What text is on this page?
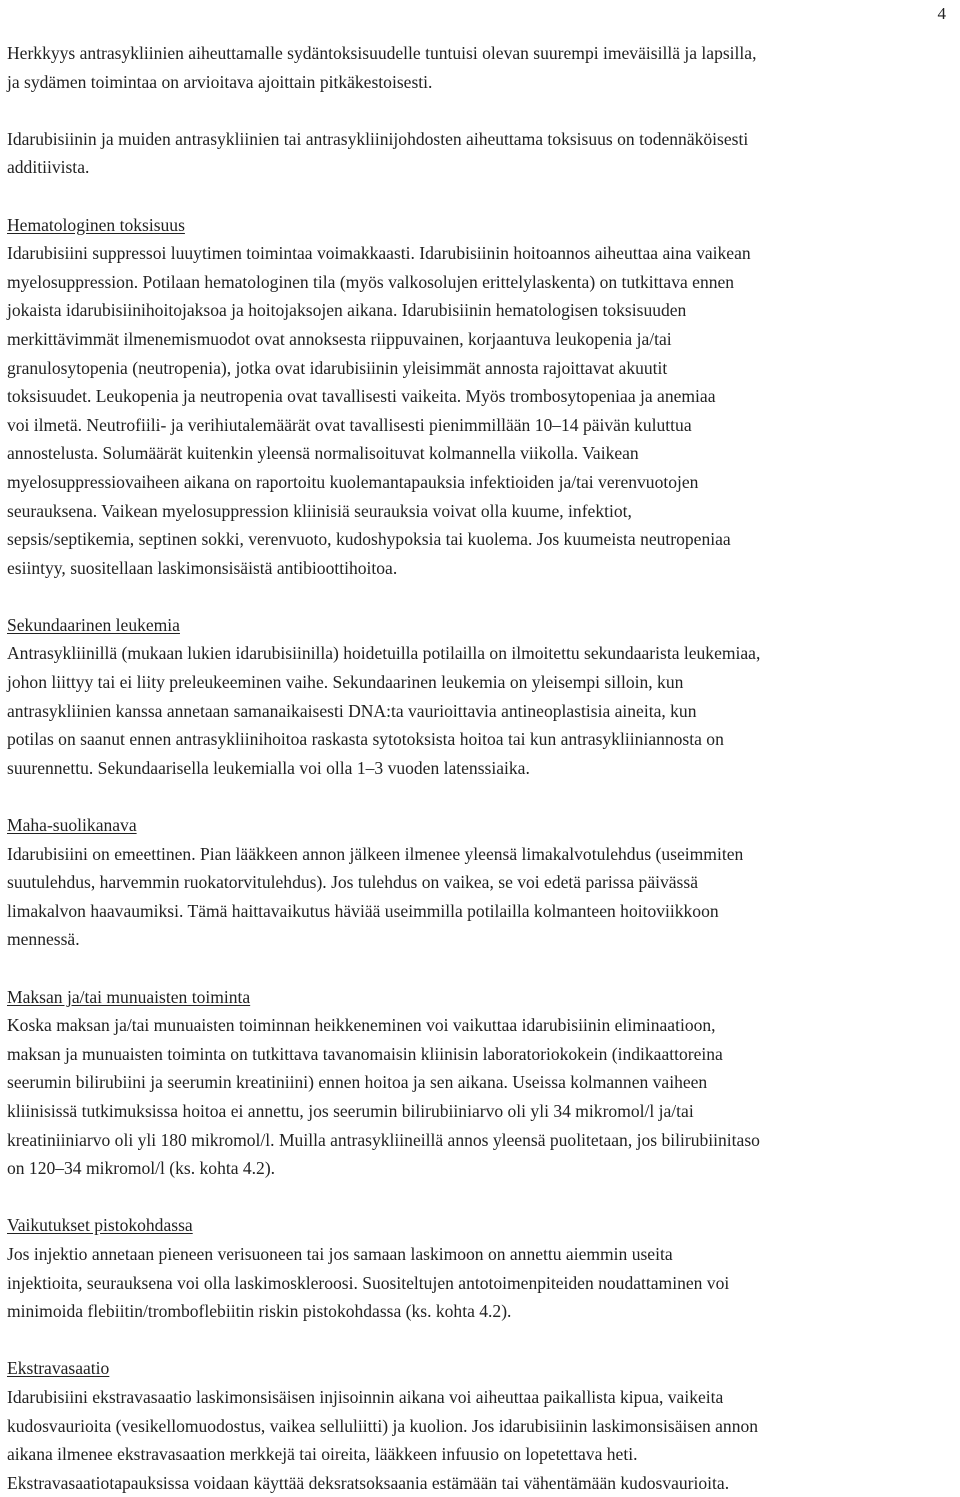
4

Herkkyys antrasykliinien aiheuttamalle sydäntoksisuudelle tuntuisi olevan suurempi imeväisillä ja lapsilla,

ja sydämen toimintaa on arvioitava ajoittain pitkäkestoisesti.

Idarubisiinin ja muiden antrasykliinien tai antrasykliinijohdosten aiheuttama toksisuus on todennäköisesti

additiivista.

Hematologinen toksisuus

Idarubisiini suppressoi luuytimen toimintaa voimakkaasti. Idarubisiinin hoitoannos aiheuttaa aina vaikean

myelosuppression. Potilaan hematologinen tila (myös valkosolujen erittelylaskenta) on tutkittava ennen

jokaista idarubisiinihoitojaksoa ja hoitojaksojen aikana. Idarubisiinin hematologisen toksisuuden

merkittävimmät ilmenemismuodot ovat annoksesta riippuvainen, korjaantuva leukopenia ja/tai

granulosytopenia (neutropenia), jotka ovat idarubisiinin yleisimmät annosta rajoittavat akuutit

toksisuudet. Leukopenia ja neutropenia ovat tavallisesti vaikeita. Myös trombosytopeniaa ja anemiaa

voi ilmetä. Neutrofiili- ja verihiutalemäärät ovat tavallisesti pienimmillään 10–14 päivän kuluttua

annostelusta. Solumäärät kuitenkin yleensä normalisoituvat kolmannella viikolla. Vaikean

myelosuppressiovaiheen aikana on raportoitu kuolemantapauksia infektioiden ja/tai verenvuotojen

seurauksena. Vaikean myelosuppression kliinisiä seurauksia voivat olla kuume, infektiot,

sepsis/septikemia, septinen sokki, verenvuoto, kudoshypoksia tai kuolema. Jos kuumeista neutropeniaa

esiintyy, suositellaan laskimonsisäistä antibioottihoitoa.

Sekundaarinen leukemia

Antrasykliinillä (mukaan lukien idarubisiinilla) hoidetuilla potilailla on ilmoitettu sekundaarista leukemiaa,

johon liittyy tai ei liity preleukeeminen vaihe. Sekundaarinen leukemia on yleisempi silloin, kun

antrasykliinien kanssa annetaan samanaikaisesti DNA:ta vaurioittavia antineoplastisia aineita, kun

potilas on saanut ennen antrasykliinihoitoa raskasta sytotoksista hoitoa tai kun antrasykliiniannosta on

suurennettu. Sekundaarisella leukemialla voi olla 1–3 vuoden latenssiaika.

Maha-suolikanava

Idarubisiini on emeettinen. Pian lääkkeen annon jälkeen ilmenee yleensä limakalvotulehdus (useimmiten

suutulehdus, harvemmin ruokatorvitulehdus). Jos tulehdus on vaikea, se voi edetä parissa päivässä

limakalvon haavaumiksi. Tämä haittavaikutus häviää useimmilla potilailla kolmanteen hoitoviikkoon

mennessä.

Maksan ja/tai munuaisten toiminta

Koska maksan ja/tai munuaisten toiminnan heikkeneminen voi vaikuttaa idarubisiinin eliminaatioon,

maksan ja munuaisten toiminta on tutkittava tavanomaisin kliinisin laboratoriokokein (indikaattoreina

seerumin bilirubiini ja seerumin kreatiniini) ennen hoitoa ja sen aikana. Useissa kolmannen vaiheen

kliinisissä tutkimuksissa hoitoa ei annettu, jos seerumin bilirubiiniarvo oli yli 34 mikromol/l ja/tai

kreatiniiniarvo oli yli 180 mikromol/l. Muilla antrasykliineillä annos yleensä puolitetaan, jos bilirubiinitaso

on 120–34 mikromol/l (ks. kohta 4.2).

Vaikutukset pistokohdassa

Jos injektio annetaan pieneen verisuoneen tai jos samaan laskimoon on annettu aiemmin useita

injektioita, seurauksena voi olla laskimoskleroosi. Suositeltujen antotoimenpiteiden noudattaminen voi

minimoida flebiitin/tromboflebiitin riskin pistokohdassa (ks. kohta 4.2).

Ekstravasaatio

Idarubisiini ekstravasaatio laskimonsisäisen injisoinnin aikana voi aiheuttaa paikallista kipua, vaikeita

kudosvaurioita (vesikellomuodostus, vaikea selluliitti) ja kuolion. Jos idarubisiinin laskimonsisäisen annon

aikana ilmenee ekstravasaation merkkejä tai oireita, lääkkeen infuusio on lopetettava heti.

Ekstravasaatiotapauksissa voidaan käyttää deksratsoksaania estämään tai vähentämään kudosvaurioita.
